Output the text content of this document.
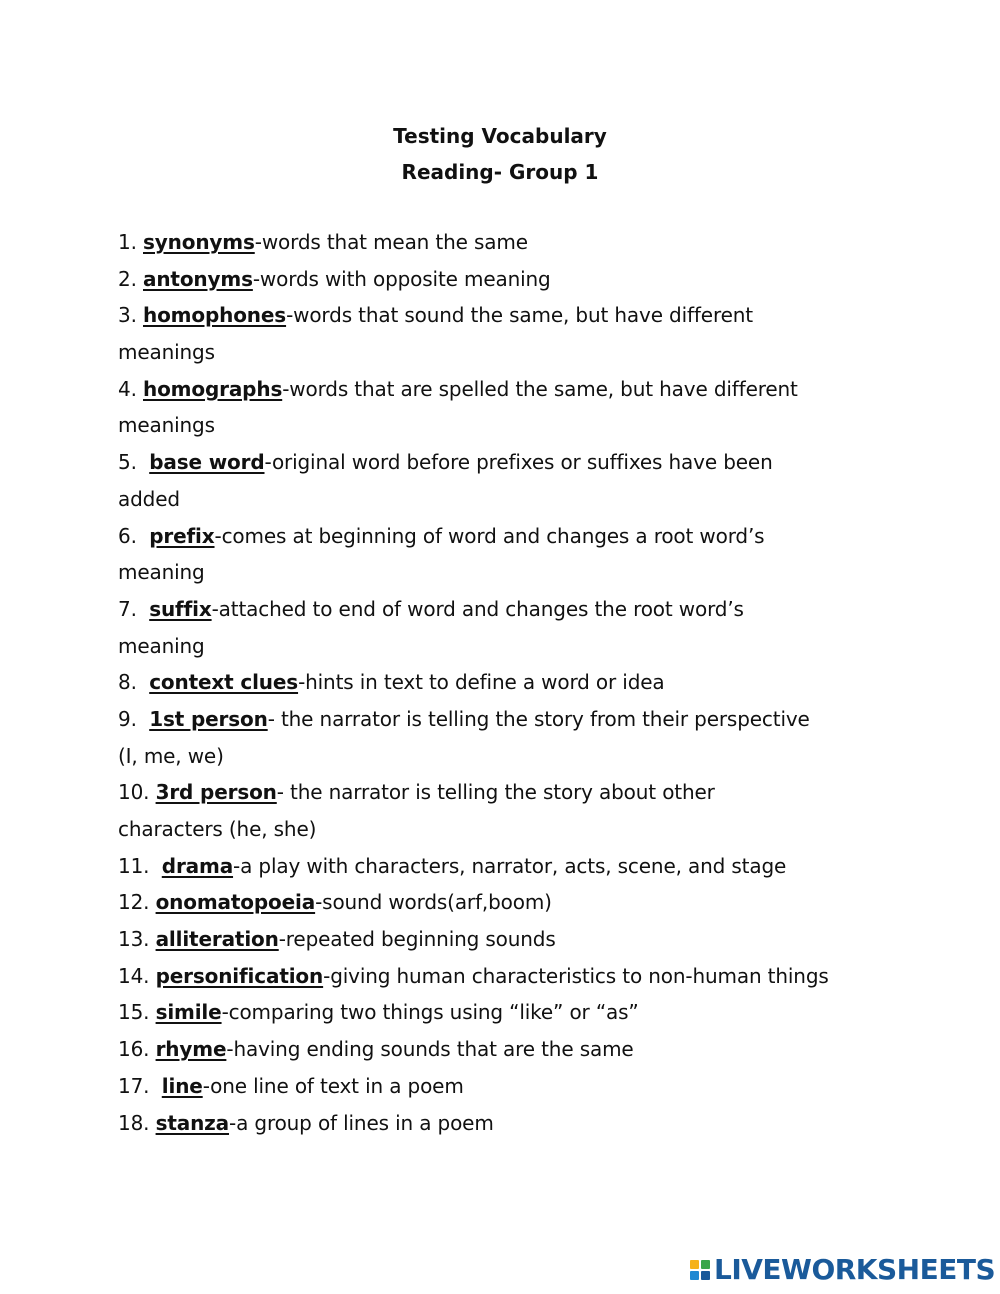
Testing Vocabulary
Reading- Group 1
1. synonyms-words that mean the same
2. antonyms-words with opposite meaning
3. homophones-words that sound the same, but have different
meanings
4. homographs-words that are spelled the same, but have different
meanings
5.  base word-original word before prefixes or suffixes have been
added
6.  prefix-comes at beginning of word and changes a root word’s
meaning
7.  suffix-attached to end of word and changes the root word’s
meaning
8.  context clues-hints in text to define a word or idea
9.  1st person- the narrator is telling the story from their perspective
(I, me, we)
10. 3rd person- the narrator is telling the story about other
characters (he, she)
11.  drama-a play with characters, narrator, acts, scene, and stage
12. onomatopoeia-sound words(arf,boom)
13. alliteration-repeated beginning sounds
14. personification-giving human characteristics to non-human things
15. simile-comparing two things using “like” or “as”
16. rhyme-having ending sounds that are the same
17.  line-one line of text in a poem
18. stanza-a group of lines in a poem
LIVEWORKSHEETS
